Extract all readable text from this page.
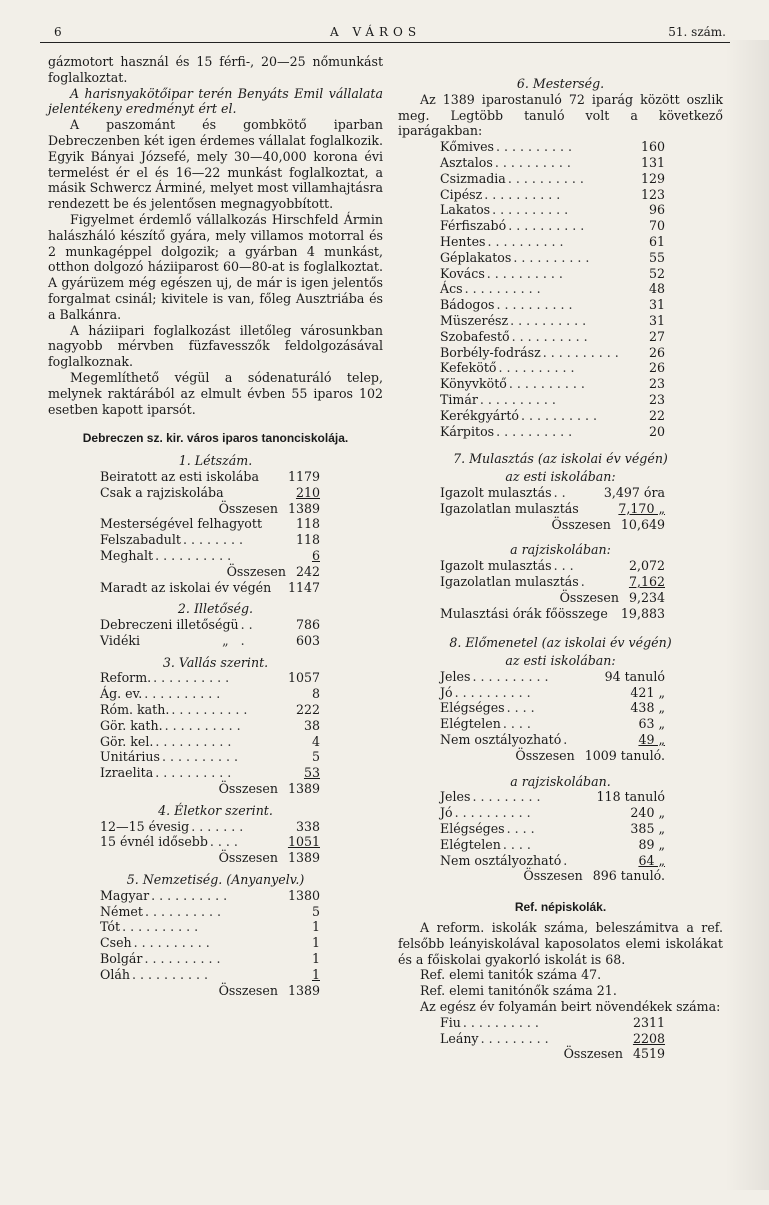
6	A VÁROS	51. szám.

gázmotort használ és 15 férfi-, 20—25 nőmunkást foglalkoztat.

A harisnyakötőipar terén Benyáts Emil vállalata jelentékeny eredményt ért el.

A paszománt és gombkötő iparban Debreczenben két igen érdemes vállalat foglalkozik. Egyik Bányai Józsefé, mely 30—40,000 korona évi termelést ér el és 16—22 munkást foglalkoztat, a másik Schwercz Árminé, melyet most villamhajtásra rendezett be és jelentősen megnagyobbított.

Figyelmet érdemlő vállalkozás Hirschfeld Ármin halászháló készítő gyára, mely villamos motorral és 2 munkagéppel dolgozik; a gyárban 4 munkást, otthon dolgozó háziiparost 60—80-at is foglalkoztat. A gyárüzem még egészen uj, de már is igen jelentős forgalmat csinál; kivitele is van, főleg Ausztriába és a Balkánra.

A háziipari foglalkozást illetőleg városunkban nagyobb mérvben füzfavesszők feldolgozásával foglalkoznak.

Megemlíthető végül a sódenaturáló telep, melynek raktárából az elmult évben 55 iparos 102 esetben kapott iparsót.

Debreczen sz. kir. város iparos tanonciskolája.
1. Létszám.
Beiratott az esti iskolába 1179
Csak a rajziskolába	210
Összesen 1389
Mesterségével felhagyott	118
Felszabadult ........	118
Meghalt ..........	6
Összesen 242
Maradt az iskolai év végén 1147
2. Illetőség.
Debreczeni illetőségü ..	786
Vidéki „ .	603
3. Vallás szerint.
Reform. ..........	1057
Ág. ev. ..........	8
Róm. kath. ..........	222
Gör. kath. ..........	38
Gör. kel. ..........	4
Unitárius ..........	5
Izraelita ..........	53
Összesen 1389
4. Életkor szerint.
12—15 évesig .......	338
15 évnél idősebb ....	1051
Összesen 1389
5. Nemzetiség. (Anyanyelv.)
Magyar ..........	1380
Német ..........	5
Tót ..........	1
Cseh ..........	1
Bolgár ..........	1
Oláh ..........	1
Összesen 1389
6. Mesterség.

Az 1389 iparostanuló 72 iparág között oszlik meg. Legtöbb tanuló volt a következő iparágakban:

Kőmives ..........	160
Asztalos ..........	131
Csizmadia ..........	129
Cipész ..........	123
Lakatos ..........	96
Férfiszabó ..........	70
Hentes ..........	61
Géplakatos ..........	55
Kovács ..........	52
Ács ..........	48
Bádogos ..........	31
Müszerész ..........	31
Szobafestő ..........	27
Borbély-fodrász ..........	26
Kefekötő ..........	26
Könyvkötő ..........	23
Timár ..........	23
Kerékgyártó ..........	22
Kárpitos ..........	20
7. Mulasztás (az iskolai év végén)
az esti iskolában:
Igazolt mulasztás ..	3,497 óra
Igazolatlan mulasztás	7,170 „
Összesen 10,649
a rajziskolában:
Igazolt mulasztás ...	2,072
Igazolatlan mulasztás .	7,162
Összesen 9,234
Mulasztási órák főösszege 19,883
8. Előmenetel (az iskolai év végén)
az esti iskolában:
Jeles ..........	94 tanuló
Jó ..........	421 „
Elégséges ....	438 „
Elégtelen ....	63 „
Nem osztályozható .	49 „
Összesen 1009 tanuló.
a rajziskolában.
Jeles .........	118 tanuló
Jó ..........	240 „
Elégséges ....	385 „
Elégtelen ....	89 „
Nem osztályozható .	64 „
Összesen 896 tanuló.
Ref. népiskolák.

A reform. iskolák száma, beleszámitva a ref. felsőbb leányiskolával kaposolatos elemi iskolákat és a főiskolai gyakorló iskolát is 68.

Ref. elemi tanitók száma 47.

Ref. elemi tanitónők száma 21.

Az egész év folyamán beirt növendékek száma:

Fiu ..........	2311
Leány .........	2208
Összesen 4519
